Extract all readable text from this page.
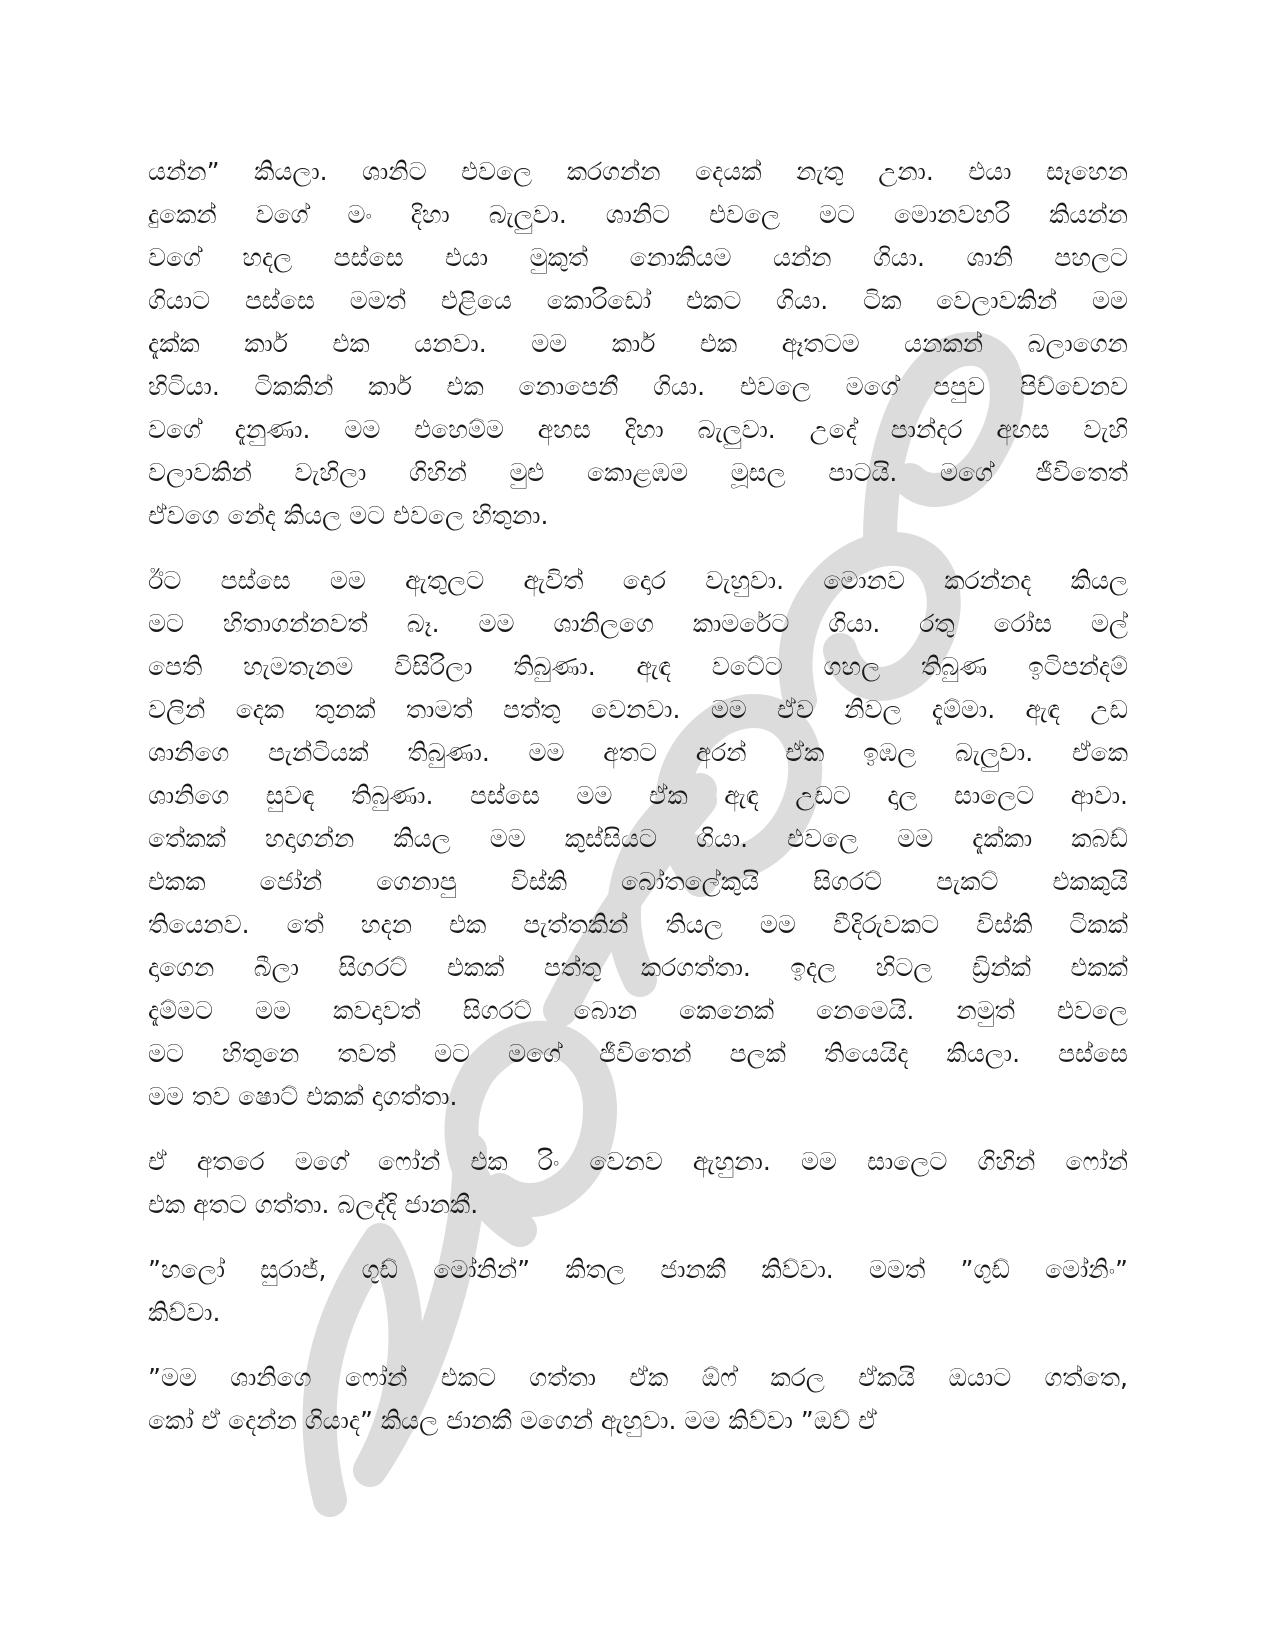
යන්න” කියලා. ශානිට එවලෙ කරගන්න දෙයක් නැතු උනා. එයා සෑහෙන
දුකෙන් වගේ මං දිහා බැලුවා. ශානිට එවලෙ මට මොනවහරි කියන්න
වගේ හදල පස්සෙ එයා මුකුත් නොකියම යන්න ගියා. ශානි පහලට
ගියාට පස්සෙ මමත් එළියෙ කොරිඩෝ එකට ගියා. ටික වෙලාවකින් මම
දැක්ක කාර් එක යනවා. මම කාර් එක ඈතටම යනකන් බලාගෙන
හිටියා. ටිකකින් කාර් එක නොපෙනී ගියා. එවලෙ මගේ පපුව පිච්චෙනව
වගේ දැනුණා. මම එහෙම්ම අහස දිහා බැලුවා. උදේ පාන්දර අහස වැහි
වලාවකින් වැහිලා ගිහින් මුළු කොළඹම මූසල පාටයි. මගේ ජීවිතෙත්
ඒවගෙ නේද කියල මට එවලෙ හිතුනා.
ඊට පස්සෙ මම ඇතුලට ඇවිත් දොර වැහුවා. මොනව කරන්නද කියල
මට හිතාගන්නවත් බෑ. මම ශානිලගෙ කාමරේට ගියා. රතු රෝස මල්
පෙති හැමතැනම විසිරිලා තිබුණා. ඇඳ වටේට ගහල තිබුණ ඉටිපන්දම්
වලින් දෙක තුනක් තාමත් පත්තු වෙනවා. මම ඒව නිවල දැම්මා. ඇඳ උඩ
ශානිගෙ පැන්ටියක් තිබුණා. මම අතට අරන් ඒක ඉඹල බැලුවා. ඒකෙ
ශානිගෙ සුවඳ තිබුණා. පස්සෙ මම ඒක ඇඳ උඩට දාල සාලෙට ආවා.
තේකක් හදාගන්න කියල මම කුස්සියට ගියා. එවලෙ මම දැක්කා කබඩ්
එකක ජෝන් ගෙනාපු විස්කි බෝතලේකුයි සිගරට් පැකට් එකකුයි
තියෙනව. තේ හදන එක පැත්තකින් තියල මම වීදිරුවකට විස්කි ටිකක්
දාගෙන බීලා සිගරට් එකක් පත්තු කරගත්තා. ඉදල හිටල ඩ්‍රින්ක් එකක්
දැම්මට මම කවදාවත් සිගරට් බොන කෙනෙක් නෙමෙයි. නමුත් එවලෙ
මට හිතුනෙ තවත් මට මගේ ජීවිතෙන් පලක් තියෙයිද කියලා. පස්සෙ
මම තව ෂොට් එකක් දාගත්තා.
ඒ අතරෙ මගේ ෆෝන් එක රිං වෙනව ඇහුනා. මම සාලෙට ගිහින් ෆෝන්
එක අතට ගත්තා. බලද්දි ජානකී.
”හලෝ සුරාජ්, ගුඩ් මෝනින්” කිතල ජානකී කිව්වා. මමත් ”ගුඩ් මෝනිං”
කිව්වා.
”මම ශානිගෙ ෆෝන් එකට ගත්තා ඒක ඕෆ් කරල ඒකයි ඔයාට ගත්තෙ,
කෝ ඒ දෙන්න ගියාද” කියල ජානකී මගෙන් ඇහුවා. මම කිව්වා ”ඔව් ඒ
